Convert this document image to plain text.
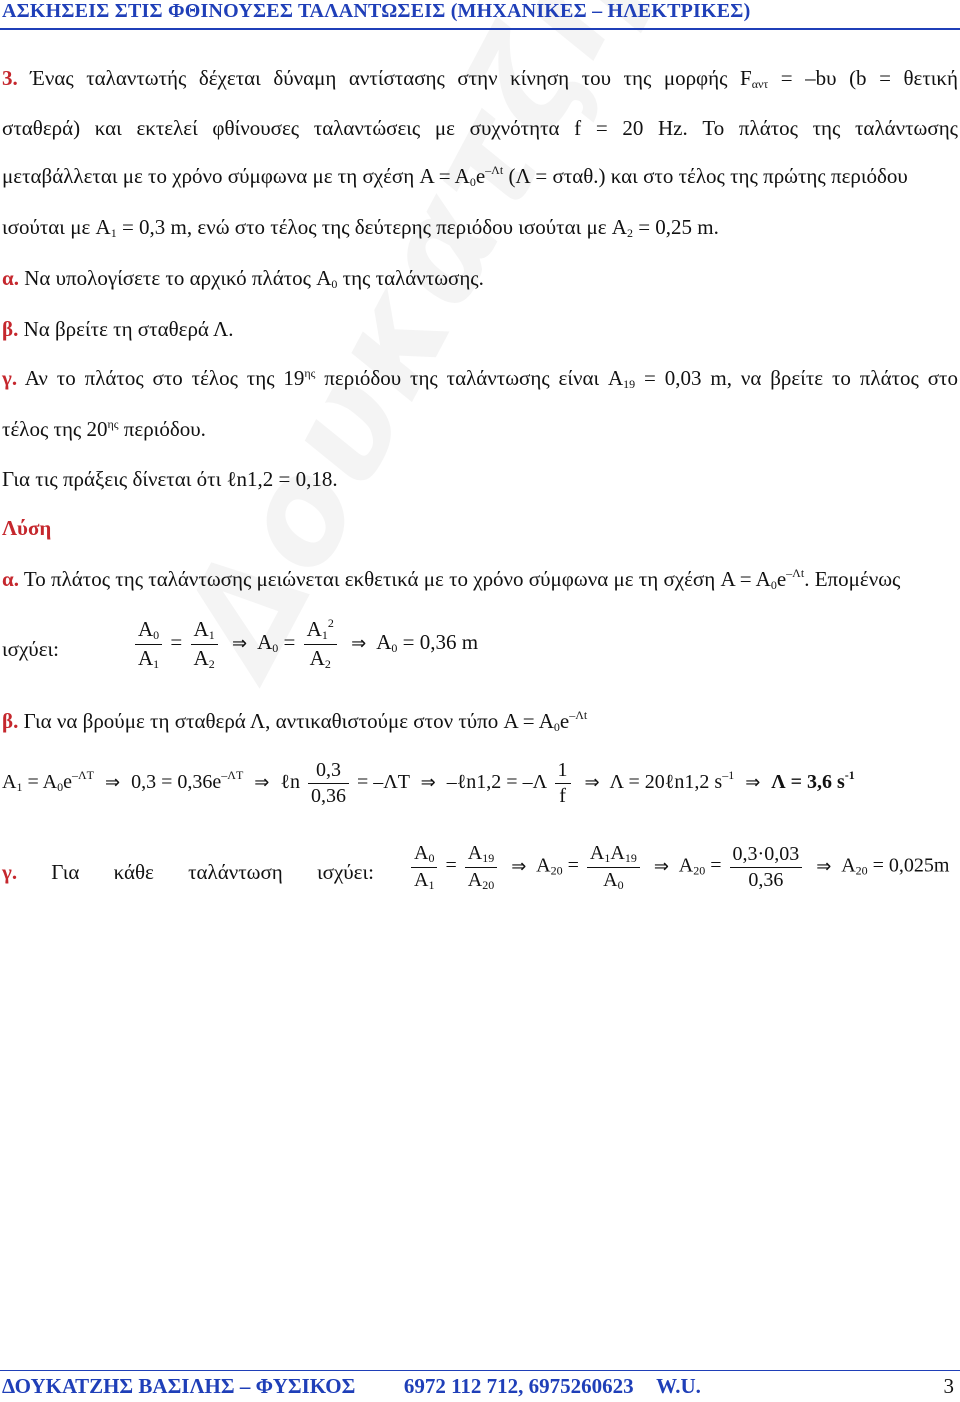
ΑΣΚΗΣΕΙΣ ΣΤΙΣ ΦΘΙΝΟΥΣΕΣ ΤΑΛΑΝΤΩΣΕΙΣ (ΜΗΧΑΝΙΚΕΣ – ΗΛΕΚΤΡΙΚΕΣ)
3. Ένας ταλαντωτής δέχεται δύναμη αντίστασης στην κίνηση του της μορφής $F_{\alpha\nu\tau} = -b\upsilon$ (b = θετική
σταθερά) και εκτελεί φθίνουσες ταλαντώσεις με συχνότητα f = 20 Hz. Το πλάτος της ταλάντωσης
μεταβάλλεται με το χρόνο σύμφωνα με τη σχέση $A = A_0e^{-\Lambda t}$ (Λ = σταθ.) και στο τέλος της πρώτης περιόδου
ισούται με $A_1 = 0,3$ m, ενώ στο τέλος της δεύτερης περιόδου ισούται με $A_2 = 0,25$ m.
α. Να υπολογίσετε το αρχικό πλάτος $A_0$ της ταλάντωσης.
β. Να βρείτε τη σταθερά Λ.
γ. Αν το πλάτος στο τέλος της $19^{\eta\varsigma}$ περιόδου της ταλάντωσης είναι $A_{19} = 0,03$ m, να βρείτε το πλάτος στο
τέλος της $20^{\eta\varsigma}$ περιόδου.
Για τις πράξεις δίνεται ότι ℓn1,2 = 0,18.
Λύση
α. Το πλάτος της ταλάντωσης μειώνεται εκθετικά με το χρόνο σύμφωνα με τη σχέση $A = A_0e^{-\Lambda t}$. Επομένως
ισχύει:	$\frac{A_0}{A_1} = \frac{A_1}{A_2}$ ⇒ $A_0 = \frac{A_1^2}{A_2}$ ⇒ $A_0 = 0,36$ m
β. Για να βρούμε τη σταθερά Λ, αντικαθιστούμε στον τύπο $A = A_0e^{-\Lambda t}$
$A_1 = A_0e^{-\Lambda T}$ ⇒ $0,3 = 0,36e^{-\Lambda T}$ ⇒ ℓn $\frac{0,3}{0,36} = -\Lambda T$ ⇒ –ℓn1,2 = $-\Lambda \frac{1}{f}$ ⇒ Λ = 20ℓn1,2 $s^{-1}$ ⇒ Λ = 3,6 $s^{-1}$
γ. Για κάθε ταλάντωση ισχύει: $\frac{A_0}{A_1} = \frac{A_{19}}{A_{20}}$ ⇒ $A_{20} = \frac{A_1A_{19}}{A_0}$ ⇒ $A_{20} = \frac{0,3\cdot 0,03}{0,36}$ ⇒ $A_{20} = 0,025m$
ΔΟΥΚΑΤΖΗΣ ΒΑΣΙΛΗΣ – ΦΥΣΙΚΟΣ 6972 112 712, 6975260623 W.U.	3
